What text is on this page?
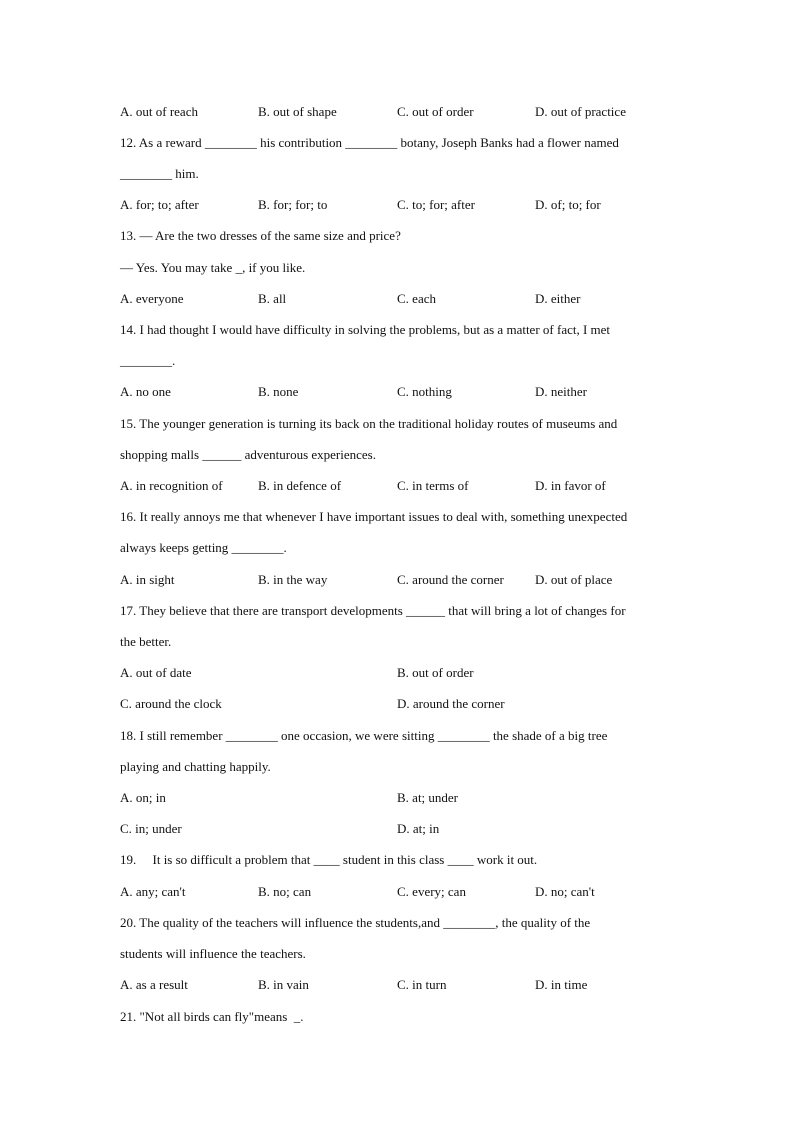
A. out of reach	B. out of shape	C. out of order	D. out of practice
12. As a reward ________ his contribution ________ botany, Joseph Banks had a flower named
________ him.
A. for; to; after	B. for; for; to	C. to; for; after	D. of; to; for
13. — Are the two dresses of the same size and price?
— Yes. You may take _, if you like.
A. everyone	B. all	C. each	D. either
14. I had thought I would have difficulty in solving the problems, but as a matter of fact, I met
________.
A. no one	B. none	C. nothing	D. neither
15. The younger generation is turning its back on the traditional holiday routes of museums and
shopping malls ______ adventurous experiences.
A. in recognition of	B. in defence of	C. in terms of	D. in favor of
16. It really annoys me that whenever I have important issues to deal with, something unexpected
always keeps getting ________.
A. in sight	B. in the way	C. around the corner D. out of place
17. They believe that there are transport developments ______ that will bring a lot of changes for
the better.
A. out of date	B. out of order
C. around the clock	D. around the corner
18. I still remember ________ one occasion, we were sitting ________ the shade of a big tree
playing and chatting happily.
A. on; in	B. at; under
C. in; under	D. at; in
19.     It is so difficult a problem that ____ student in this class ____ work it out.
A. any; can't	B. no; can	C. every; can	D. no; can't
20. The quality of the teachers will influence the students,and ________, the quality of the
students will influence the teachers.
A. as a result	B. in vain	C. in turn	D. in time
21. "Not all birds can fly"means  _.
